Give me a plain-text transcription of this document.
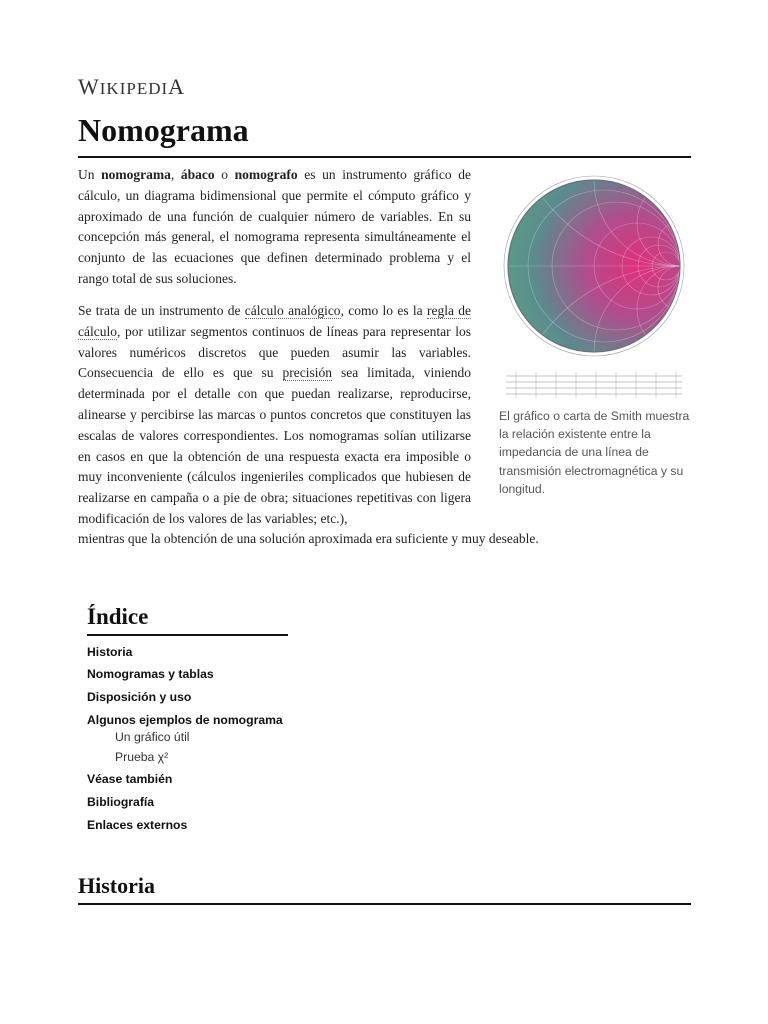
WIKIPEDIA
Nomograma

Un nomograma, ábaco o nomografo es un instrumento gráfico de cálculo, un diagrama bidimensional que permite el cómputo gráfico y aproximado de una función de cualquier número de variables. En su concepción más general, el nomograma representa simultáneamente el conjunto de las ecuaciones que definen determinado problema y el rango total de sus soluciones.

Se trata de un instrumento de cálculo analógico, como lo es la regla de cálculo, por utilizar segmentos continuos de líneas para representar los valores numéricos discretos que pueden asumir las variables. Consecuencia de ello es que su precisión sea limitada, viniendo determinada por el detalle con que puedan realizarse, reproducirse, alinearse y percibirse las marcas o puntos concretos que constituyen las escalas de valores correspondientes. Los nomogramas solían utilizarse en casos en que la obtención de una respuesta exacta era imposible o muy inconveniente (cálculos ingenieriles complicados que hubiesen de realizarse en campaña o a pie de obra; situaciones repetitivas con ligera modificación de los valores de las variables; etc.),

mientras que la obtención de una solución aproximada era suficiente y muy deseable.

El gráfico o carta de Smith muestra la relación existente entre la impedancia de una línea de transmisión electromagnética y su longitud.
Índice
Historia
Nomogramas y tablas
Disposición y uso
Algunos ejemplos de nomograma
Un gráfico útil
Prueba χ²
Véase también
Bibliografía
Enlaces externos
Historia
